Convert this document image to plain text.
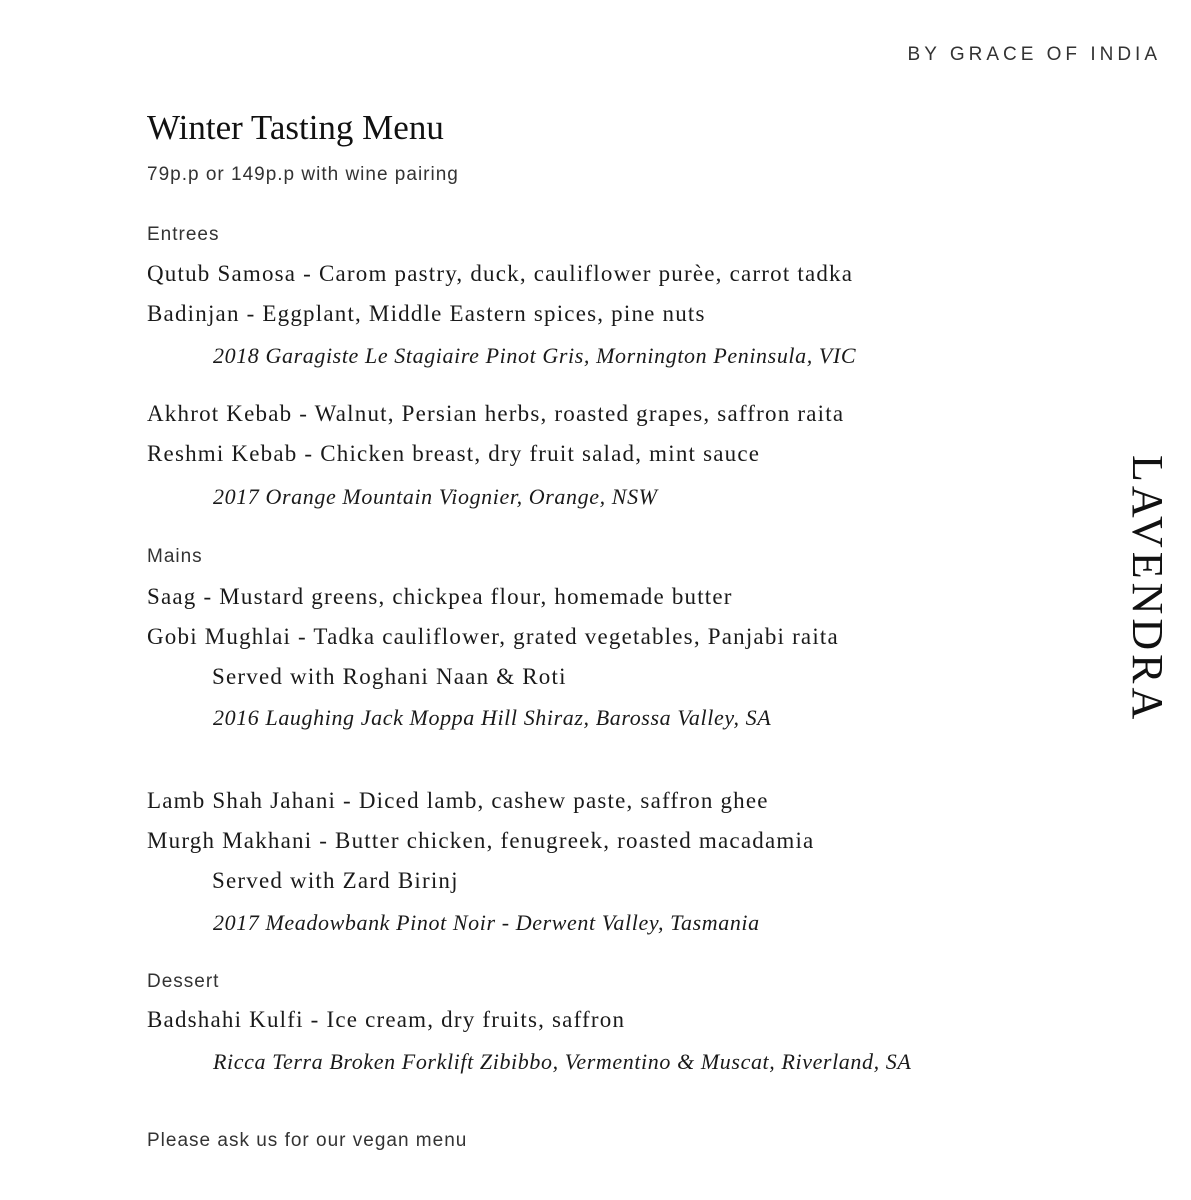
BY GRACE OF INDIA
LAVENDRA
Winter Tasting Menu
79p.p or 149p.p with wine pairing
Entrees
Qutub Samosa - Carom pastry, duck, cauliflower purèe, carrot tadka
Badinjan - Eggplant, Middle Eastern spices, pine nuts
2018 Garagiste Le Stagiaire Pinot Gris, Mornington Peninsula, VIC
Akhrot Kebab - Walnut, Persian herbs, roasted grapes, saffron raita
Reshmi Kebab - Chicken breast, dry fruit salad, mint sauce
2017 Orange Mountain Viognier, Orange, NSW
Mains
Saag - Mustard greens, chickpea flour, homemade butter
Gobi Mughlai - Tadka cauliflower, grated vegetables, Panjabi raita
Served with Roghani Naan & Roti
2016 Laughing Jack Moppa Hill Shiraz, Barossa Valley, SA
Lamb Shah Jahani - Diced lamb, cashew paste, saffron ghee
Murgh Makhani - Butter chicken, fenugreek, roasted macadamia
Served with Zard Birinj
2017 Meadowbank Pinot Noir - Derwent Valley, Tasmania
Dessert
Badshahi Kulfi - Ice cream, dry fruits, saffron
Ricca Terra Broken Forklift Zibibbo, Vermentino & Muscat, Riverland, SA
Please ask us for our vegan menu
